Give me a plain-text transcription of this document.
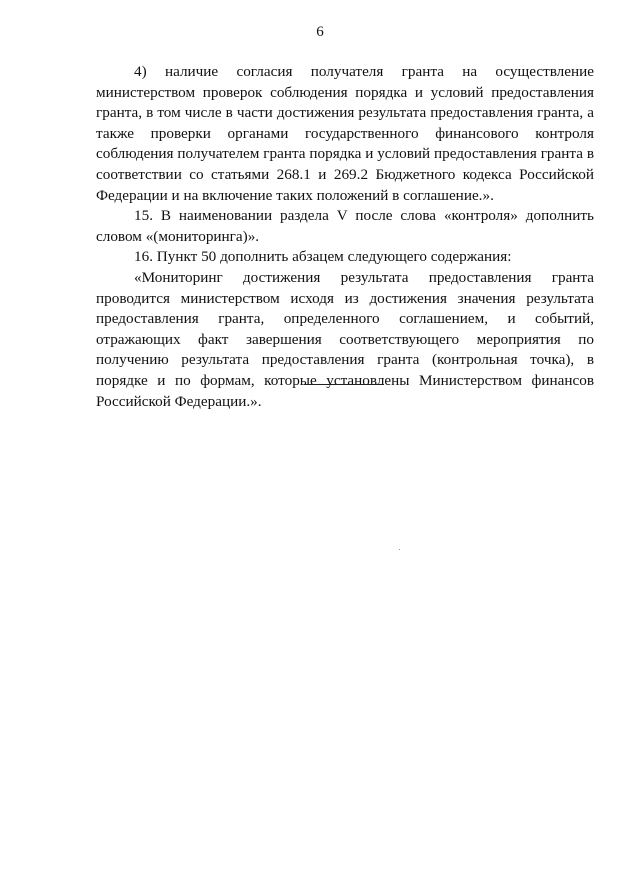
6

4) наличие согласия получателя гранта на осуществление министерством проверок соблюдения порядка и условий предоставления гранта, в том числе в части достижения результата предоставления гранта, а также проверки органами государственного финансового контроля соблюдения получателем гранта порядка и условий предоставления гранта в соответствии со статьями 268.1 и 269.2 Бюджетного кодекса Российской Федерации и на включение таких положений в соглашение.».

15. В наименовании раздела V после слова «контроля» дополнить словом «(мониторинга)».

16. Пункт 50 дополнить абзацем следующего содержания:

«Мониторинг достижения результата предоставления гранта проводится министерством исходя из достижения значения результата предоставления гранта, определенного соглашением, и событий, отражающих факт завершения соответствующего мероприятия по получению результата предоставления гранта (контрольная точка), в порядке и по формам, которые установлены Министерством финансов Российской Федерации.».
